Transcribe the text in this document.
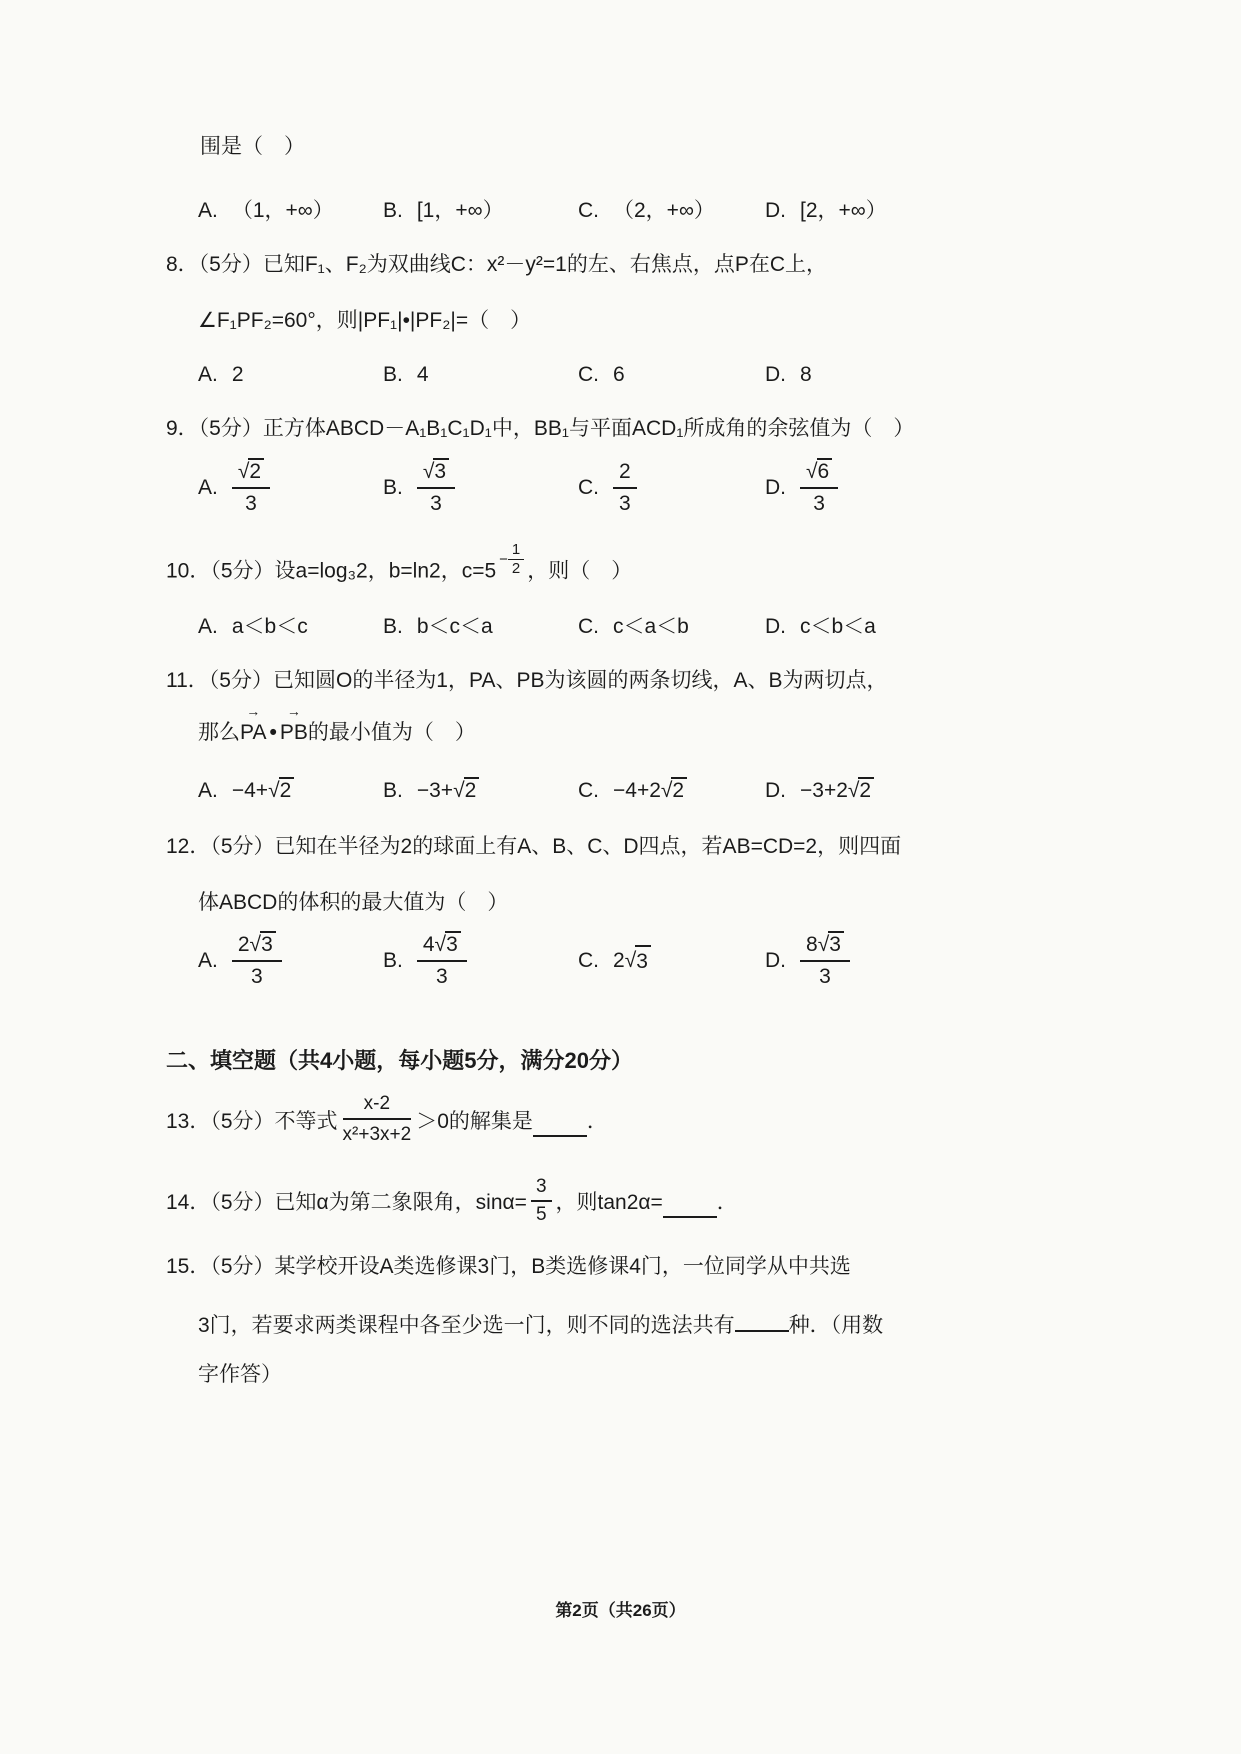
围是（　）
A. （1，+∞） B. [1，+∞）	C. （2，+∞） D. [2，+∞）
8．（5分）已知F₁、F₂为双曲线C：x²－y²=1的左、右焦点，点P在C上，
∠F₁PF₂=60°，则|PF₁|•|PF₂|=（　）
A. 2	B. 4	C. 6	D. 8
9．（5分）正方体ABCD－A₁B₁C₁D₁中，BB₁与平面ACD₁所成角的余弦值为（　）
A. $\frac{√2}{3}$	B. $\frac{√3}{3}$	C. $\frac{2}{3}$	D. $\frac{√6}{3}$
10．（5分）设a=log₃2，b=ln2，c=5
− $\frac{1}{2}$ ，则（　）
A. a＜b＜c	B. b＜c＜a	C. c＜a＜b	D. c＜b＜a
11．（5分）已知圆O的半径为1，PA、PB为该圆的两条切线，A、B为两切点，
那么
→
PA •
→
PB的最小值为（　）
A. −4+√2	B. −3+√2	C. −4+2√2	D. −3+2√2
12．（5分）已知在半径为2的球面上有A、B、C、D四点，若AB=CD=2，则四面
体ABCD的体积的最大值为（　）
A. $\frac{2√3}{3}$	B. $\frac{4√3}{3}$	C. 2 √ 3	D. $\frac{8√3}{3}$
二、填空题（共4小题，每小题5分，满分20分）
13．（5分）不等式 $\frac{x-2}{\text{x²+3x+2}} >0$的解集是	．
14．（5分）已知α为第二象限角，$\sin\alpha= \frac{3}{5}$ ，则tan2α=	．
15．（5分）某学校开设A类选修课3门，B类选修课4门，一位同学从中共选
3门，若要求两类课程中各至少选一门，则不同的选法共有	种．（用数
字作答）
第2页（共26页）
